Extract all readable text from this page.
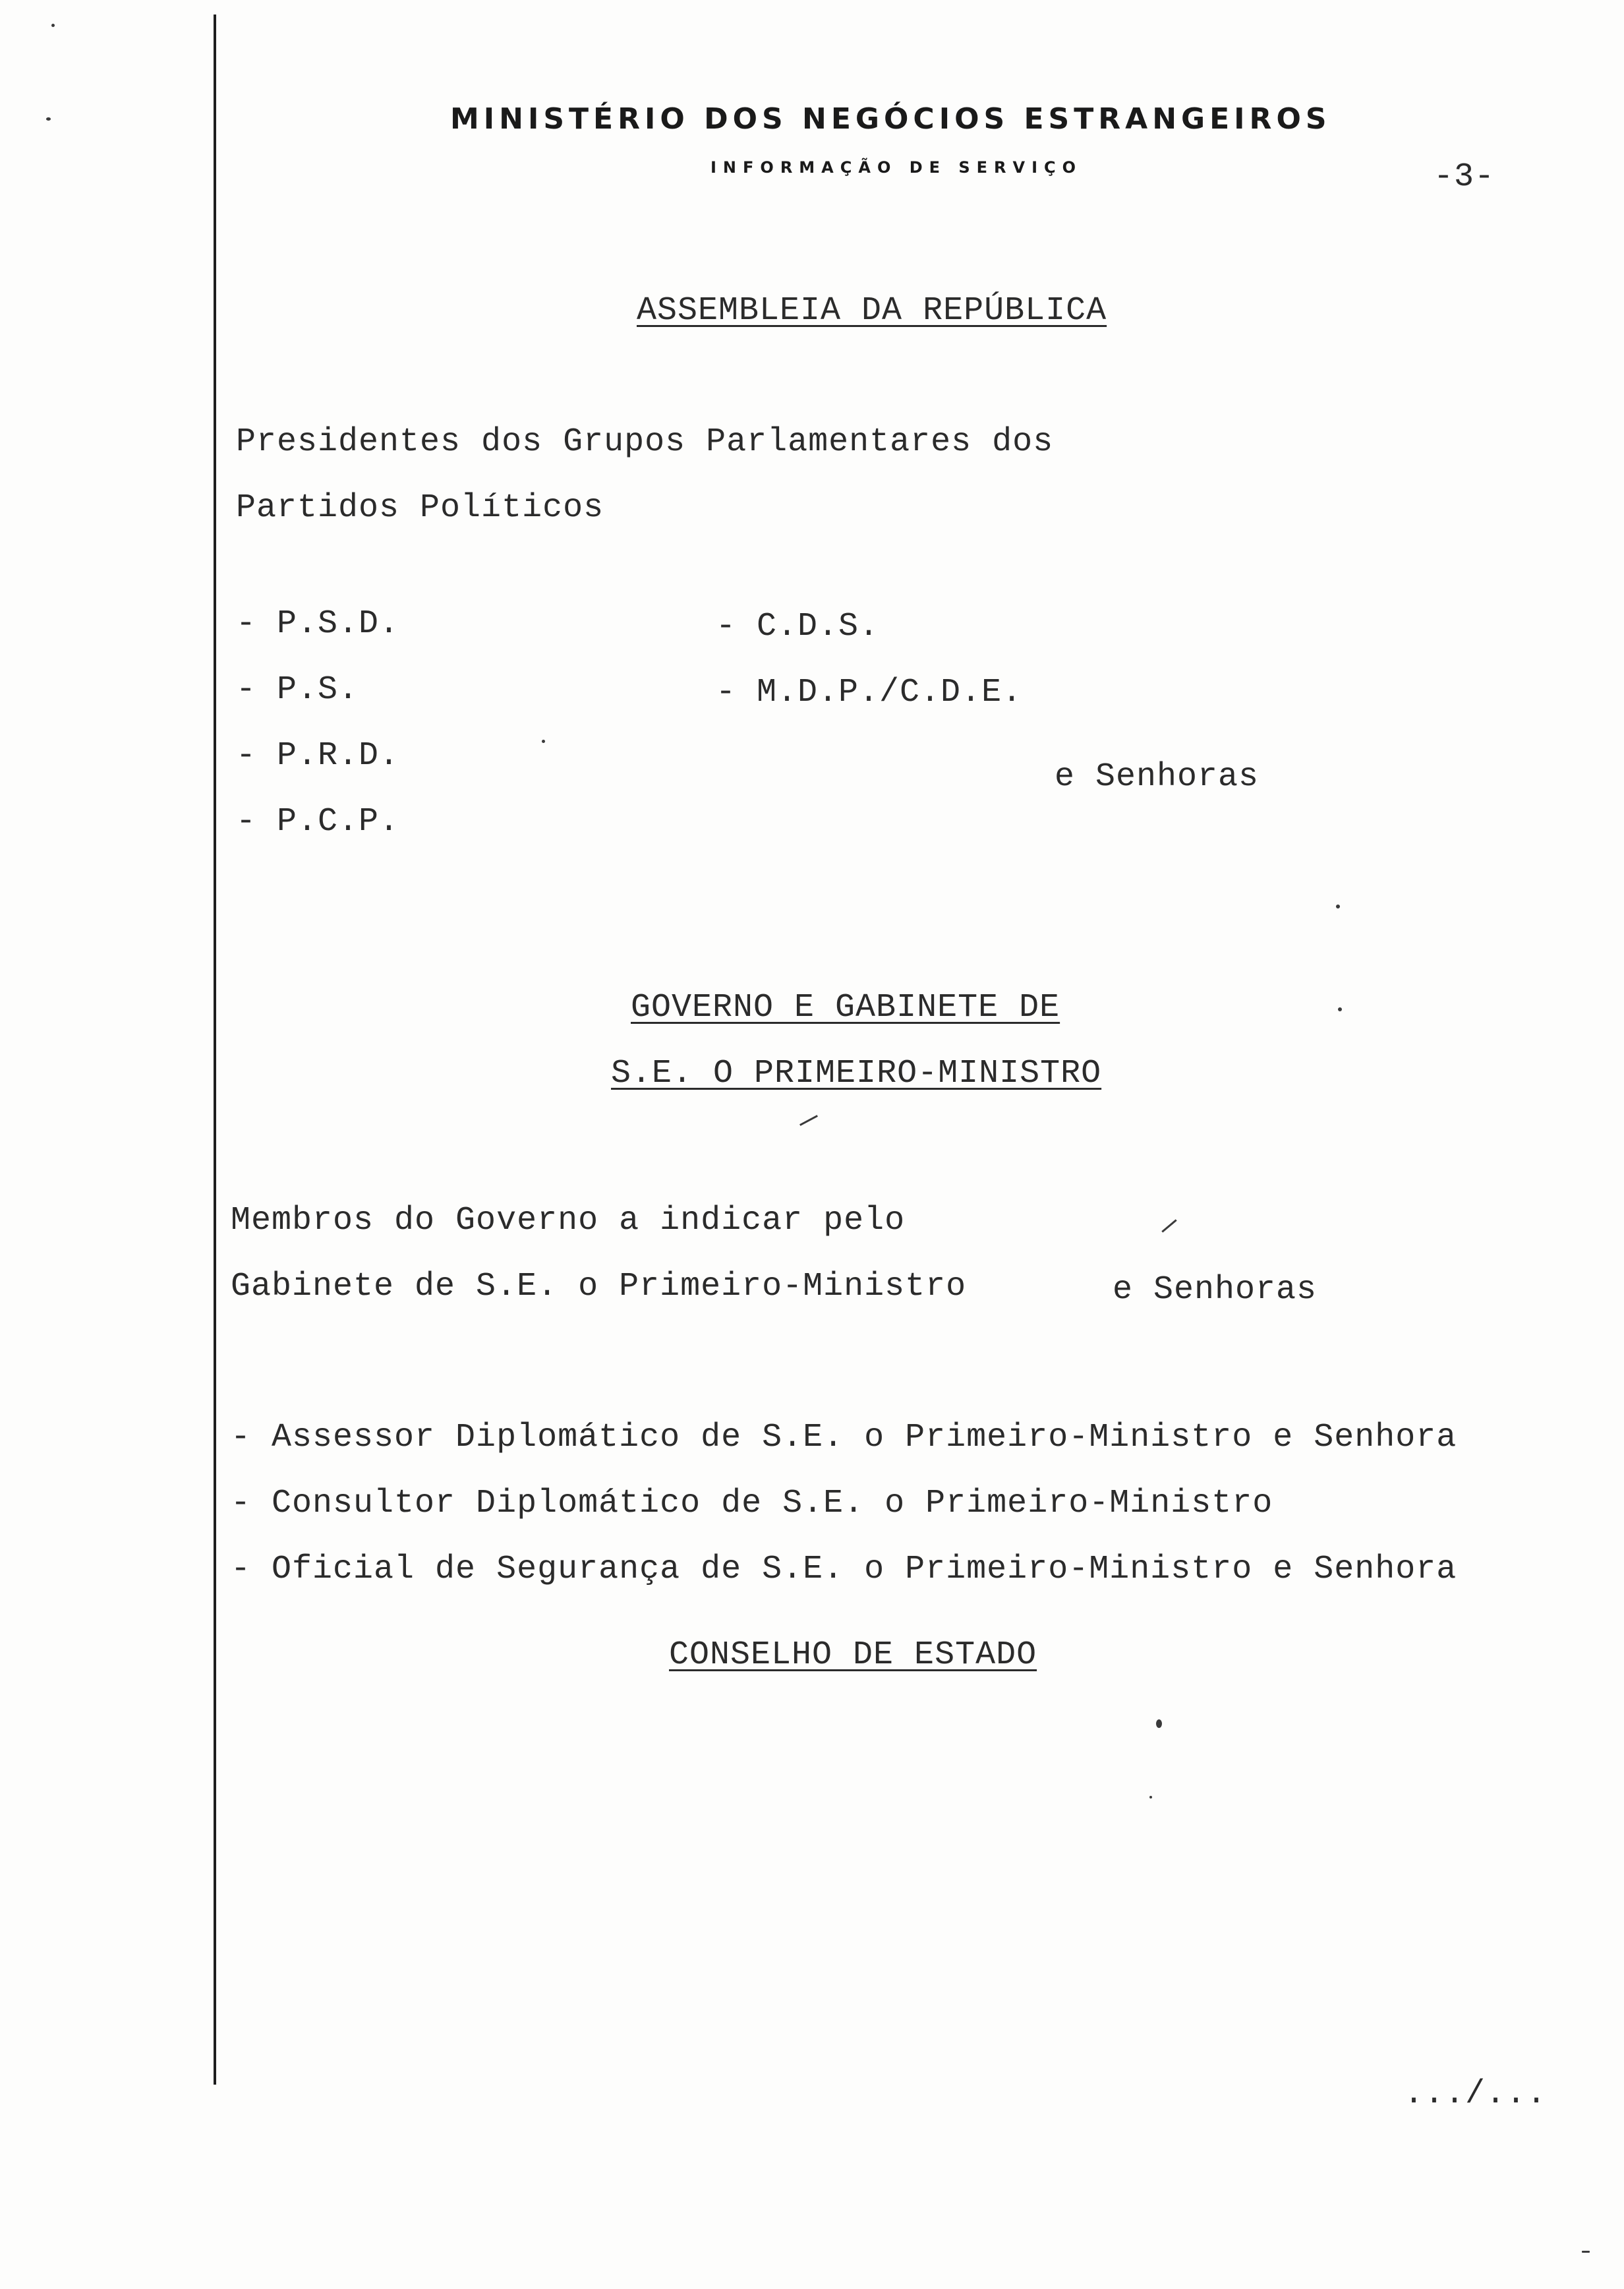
MINISTÉRIO DOS NEGÓCIOS ESTRANGEIROS
INFORMAÇÃO DE SERVIÇO	-3-
ASSEMBLEIA DA REPÚBLICA
Presidentes dos Grupos Parlamentares dos
Partidos Políticos
- P.S.D.
- P.S.
- P.R.D.
- P.C.P.
- C.D.S.
- M.D.P./C.D.E.
e Senhoras
GOVERNO E GABINETE DE
S.E. O PRIMEIRO-MINISTRO
Membros do Governo a indicar pelo
Gabinete de S.E. o Primeiro-Ministro	e Senhoras
- Assessor Diplomático de S.E. o Primeiro-Ministro e Senhora
- Consultor Diplomático de S.E. o Primeiro-Ministro
- Oficial de Segurança de S.E. o Primeiro-Ministro e Senhora
CONSELHO DE ESTADO
.../...
